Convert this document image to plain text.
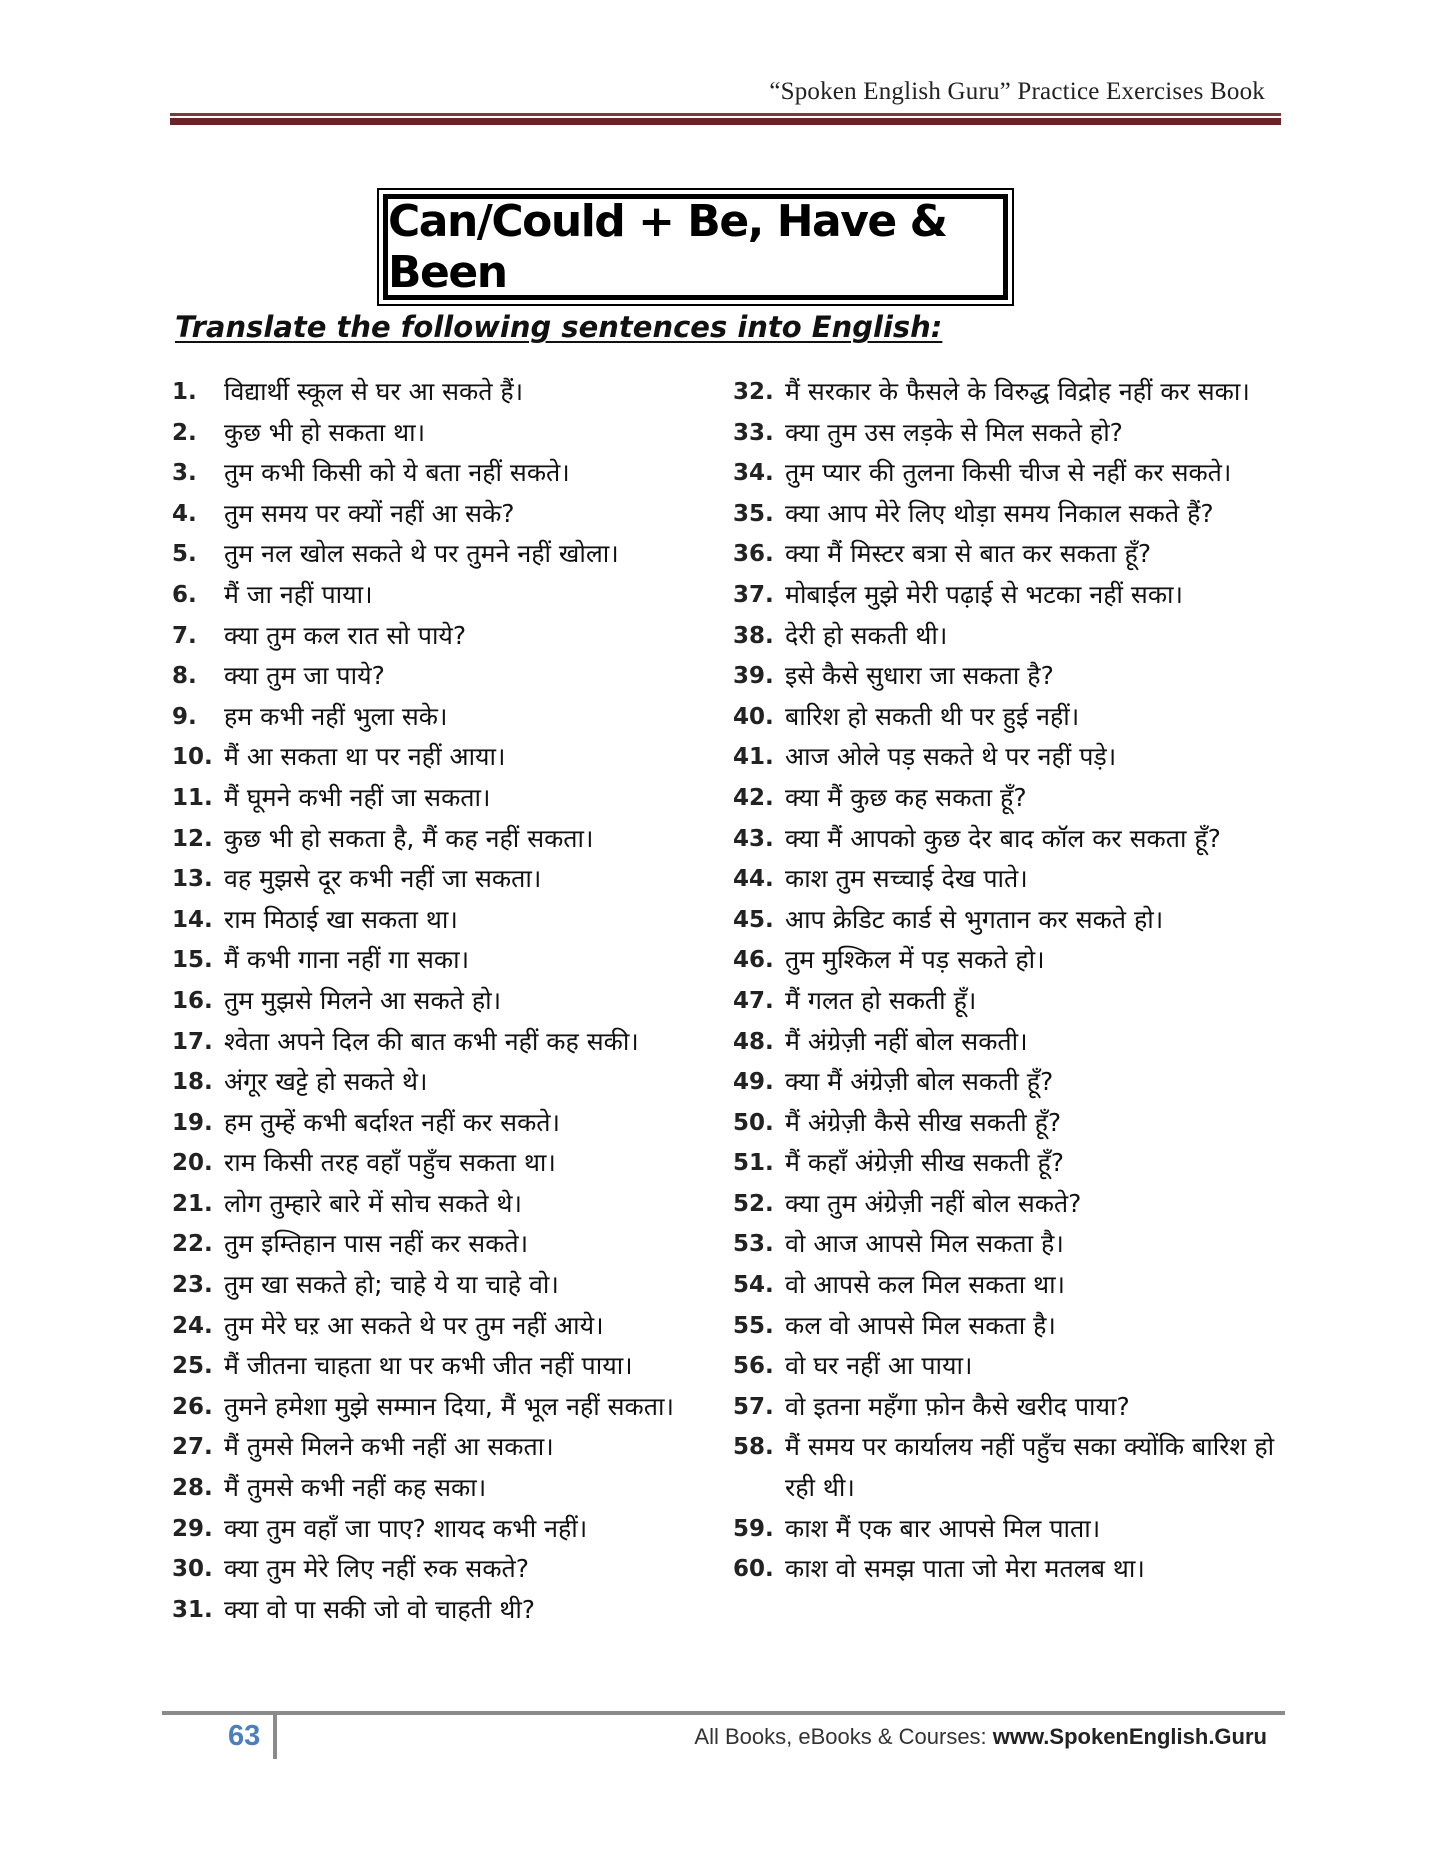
“Spoken English Guru” Practice Exercises Book
Can/Could + Be, Have & Been
Translate the following sentences into English:
1.	विद्यार्थी स्कूल से घर आ सकते हैं।
2.	कुछ भी हो सकता था।
3.	तुम कभी किसी को ये बता नहीं सकते।
4.	तुम समय पर क्यों नहीं आ सके?
5.	तुम नल खोल सकते थे पर तुमने नहीं खोला।
6.	मैं जा नहीं पाया।
7.	क्या तुम कल रात सो पाये?
8.	क्या तुम जा पाये?
9.	हम कभी नहीं भुला सके।
10. मैं आ सकता था पर नहीं आया।
11. मैं घूमने कभी नहीं जा सकता।
12. कुछ भी हो सकता है, मैं कह नहीं सकता।
13. वह मुझसे दूर कभी नहीं जा सकता।
14. राम मिठाई खा सकता था।
15. मैं कभी गाना नहीं गा सका।
16. तुम मुझसे मिलने आ सकते हो।
17. श्वेता अपने दिल की बात कभी नहीं कह सकी।
18. अंगूर खट्टे हो सकते थे।
19. हम तुम्हें कभी बर्दाश्त नहीं कर सकते।
20. राम किसी तरह वहाँ पहुँच सकता था।
21. लोग तुम्हारे बारे में सोच सकते थे।
22. तुम इम्तिहान पास नहीं कर सकते।
23. तुम खा सकते हो; चाहे ये या चाहे वो।
24. तुम मेरे घऱ आ सकते थे पर तुम नहीं आये।
25. मैं जीतना चाहता था पर कभी जीत नहीं पाया।
26. तुमने हमेशा मुझे सम्मान दिया, मैं भूल नहीं सकता।
27. मैं तुमसे मिलने कभी नहीं आ सकता।
28. मैं तुमसे कभी नहीं कह सका।
29. क्या तुम वहाँ जा पाए? शायद कभी नहीं।
30. क्या तुम मेरे लिए नहीं रुक सकते?
31. क्या वो पा सकी जो वो चाहती थी?
32. मैं सरकार के फैसले के विरुद्ध विद्रोह नहीं कर सका।
33. क्या तुम उस लड़के से मिल सकते हो?
34. तुम प्यार की तुलना किसी चीज से नहीं कर सकते।
35. क्या आप मेरे लिए थोड़ा समय निकाल सकते हैं?
36. क्या मैं मिस्टर बत्रा से बात कर सकता हूँ?
37. मोबाईल मुझे मेरी पढ़ाई से भटका नहीं सका।
38. देरी हो सकती थी।
39. इसे कैसे सुधारा जा सकता है?
40. बारिश हो सकती थी पर हुई नहीं।
41. आज ओले पड़ सकते थे पर नहीं पड़े।
42. क्या मैं कुछ कह सकता हूँ?
43. क्या मैं आपको कुछ देर बाद कॉल कर सकता हूँ?
44. काश तुम सच्चाई देख पाते।
45. आप क्रेडिट कार्ड से भुगतान कर सकते हो।
46. तुम मुश्किल में पड़ सकते हो।
47. मैं गलत हो सकती हूँ।
48. मैं अंग्रेज़ी नहीं बोल सकती।
49. क्या मैं अंग्रेज़ी बोल सकती हूँ?
50. मैं अंग्रेज़ी कैसे सीख सकती हूँ?
51. मैं कहाँ अंग्रेज़ी सीख सकती हूँ?
52. क्या तुम अंग्रेज़ी नहीं बोल सकते?
53. वो आज आपसे मिल सकता है।
54. वो आपसे कल मिल सकता था।
55. कल वो आपसे मिल सकता है।
56. वो घर नहीं आ पाया।
57. वो इतना महँगा फ़ोन कैसे खरीद पाया?
58. मैं समय पर कार्यालय नहीं पहुँच सका क्योंकि बारिश हो रही थी।
59. काश मैं एक बार आपसे मिल पाता।
60. काश वो समझ पाता जो मेरा मतलब था।
63	All Books, eBooks & Courses: www.SpokenEnglish.Guru
